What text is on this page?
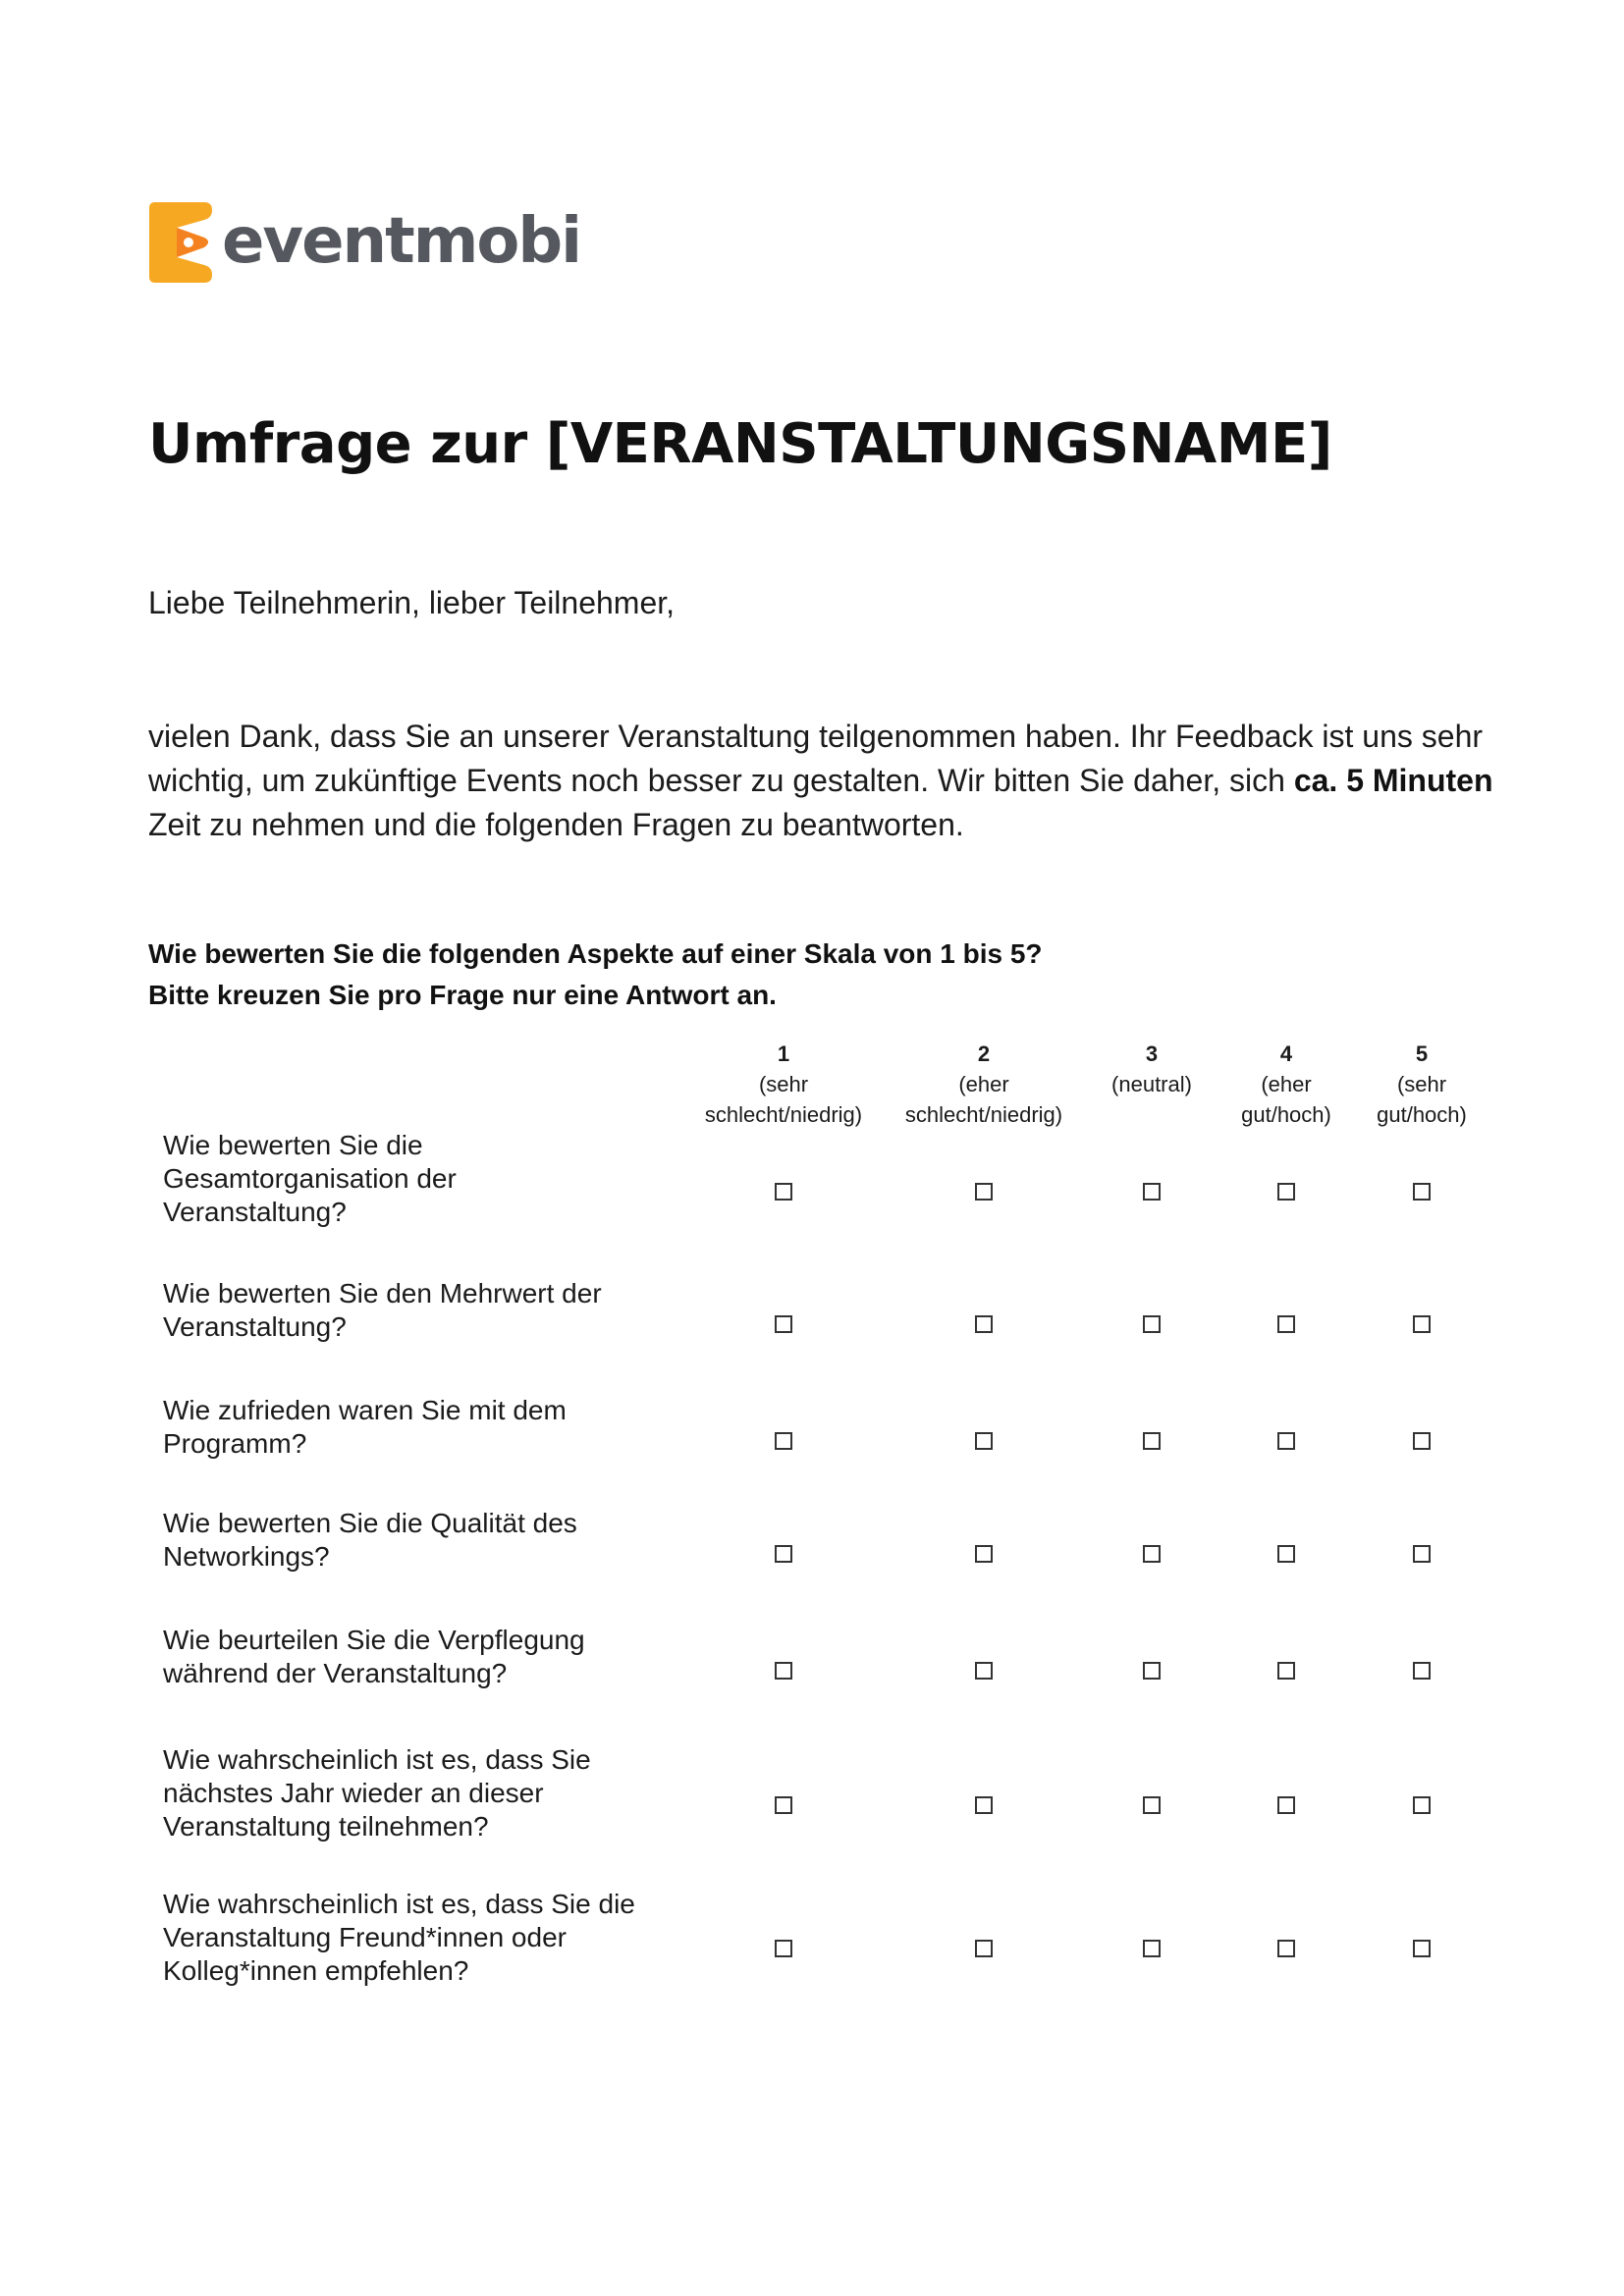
eventmobi
Umfrage zur [VERANSTALTUNGSNAME]

Liebe Teilnehmerin, lieber Teilnehmer,

vielen Dank, dass Sie an unserer Veranstaltung teilgenommen haben. Ihr Feedback ist uns sehr wichtig, um zukünftige Events noch besser zu gestalten. Wir bitten Sie daher, sich ca. 5 Minuten Zeit zu nehmen und die folgenden Fragen zu beantworten.

Wie bewerten Sie die folgenden Aspekte auf einer Skala von 1 bis 5?
Bitte kreuzen Sie pro Frage nur eine Antwort an.
1
(sehr
schlecht/niedrig)
2
(eher
schlecht/niedrig)
3
(neutral)
4
(eher
gut/hoch)
5
(sehr
gut/hoch)

Wie bewerten Sie die
Gesamtorganisation der
Veranstaltung?

Wie bewerten Sie den Mehrwert der
Veranstaltung?

Wie zufrieden waren Sie mit dem
Programm?

Wie bewerten Sie die Qualität des
Networkings?

Wie beurteilen Sie die Verpflegung
während der Veranstaltung?

Wie wahrscheinlich ist es, dass Sie
nächstes Jahr wieder an dieser
Veranstaltung teilnehmen?

Wie wahrscheinlich ist es, dass Sie die
Veranstaltung Freund*innen oder
Kolleg*innen empfehlen?
